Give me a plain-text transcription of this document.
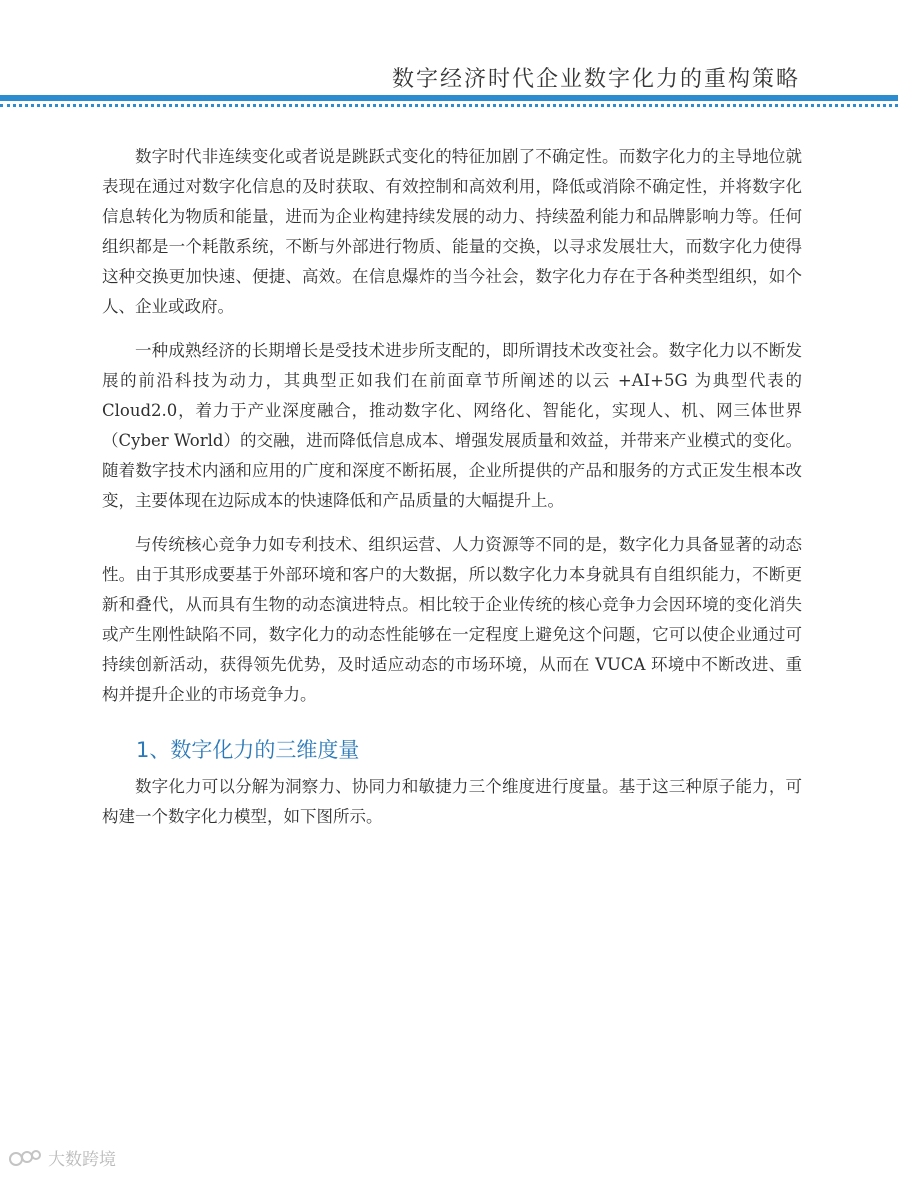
数字经济时代企业数字化力的重构策略

数字时代非连续变化或者说是跳跃式变化的特征加剧了不确定性。而数字化力的主导地位就表现在通过对数字化信息的及时获取、有效控制和高效利用，降低或消除不确定性，并将数字化信息转化为物质和能量，进而为企业构建持续发展的动力、持续盈利能力和品牌影响力等。任何组织都是一个耗散系统，不断与外部进行物质、能量的交换，以寻求发展壮大，而数字化力使得这种交换更加快速、便捷、高效。在信息爆炸的当今社会，数字化力存在于各种类型组织，如个人、企业或政府。

一种成熟经济的长期增长是受技术进步所支配的，即所谓技术改变社会。数字化力以不断发展的前沿科技为动力，其典型正如我们在前面章节所阐述的以云 +AI+5G 为典型代表的 Cloud2.0，着力于产业深度融合，推动数字化、网络化、智能化，实现人、机、网三体世界（Cyber World）的交融，进而降低信息成本、增强发展质量和效益，并带来产业模式的变化。随着数字技术内涵和应用的广度和深度不断拓展，企业所提供的产品和服务的方式正发生根本改变，主要体现在边际成本的快速降低和产品质量的大幅提升上。

与传统核心竞争力如专利技术、组织运营、人力资源等不同的是，数字化力具备显著的动态性。由于其形成要基于外部环境和客户的大数据，所以数字化力本身就具有自组织能力，不断更新和叠代，从而具有生物的动态演进特点。相比较于企业传统的核心竞争力会因环境的变化消失或产生刚性缺陷不同，数字化力的动态性能够在一定程度上避免这个问题，它可以使企业通过可持续创新活动，获得领先优势，及时适应动态的市场环境，从而在 VUCA 环境中不断改进、重构并提升企业的市场竞争力。

1、数字化力的三维度量

数字化力可以分解为洞察力、协同力和敏捷力三个维度进行度量。基于这三种原子能力，可构建一个数字化力模型，如下图所示。

大数跨境
